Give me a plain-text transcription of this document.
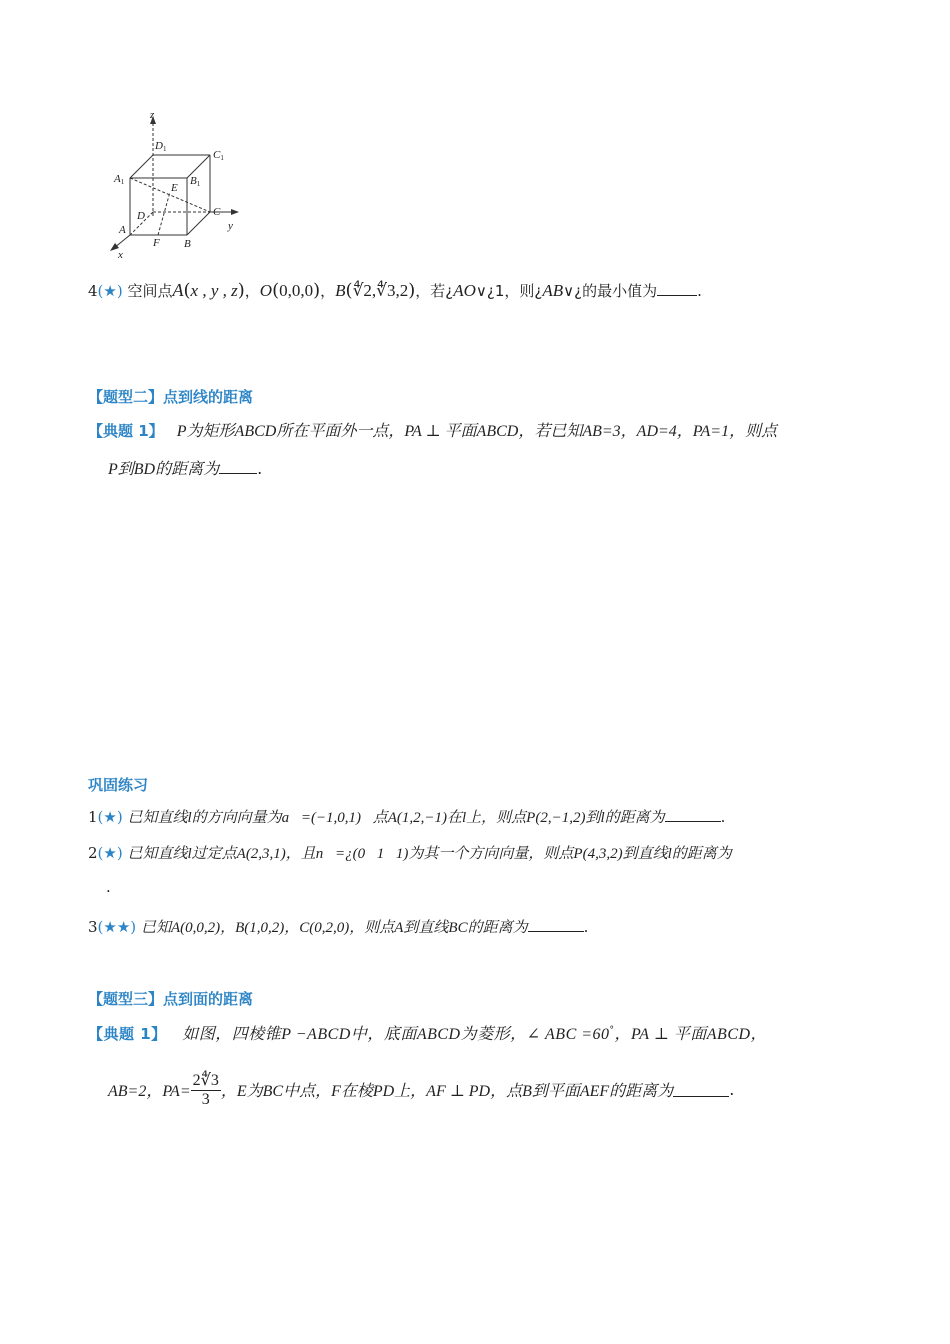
z
D1	C1
A1	B1
E
D	C
A
F B
y
x
4(★) 空间点A(x , y , z)，O(0,0,0)，B(∜2,∜3,2)，若¿AO∨¿1，则¿AB∨¿的最小值为	.
【题型二】点到线的距离
【典题 1】 P为矩形ABCD所在平面外一点，PA ⊥ 平面ABCD，若已知AB=3，AD=4，PA=1，则点
P到BD的距离为 .
巩固练习
1(★) 已知直线l的方向向量为a⃗=(−1,0,1)，点A(1,2,−1)在l上，则点P(2,−1,2)到l的距离为	.
2(★) 已知直线l过定点A(2,3,1)，且n⃗=¿(0，1，1)为其一个方向向量，则点P(4,3,2)到直线l的距离为
.
3(★★) 已知A(0,0,2)，B(1,0,2)，C(0,2,0)，则点A到直线BC的距离为	.
【题型三】点到面的距离
【典题 1】 如图，四棱锥P −ABCD中，底面ABCD为菱形，∠ ABC =60°，PA ⊥ 平面ABCD，
AB=2，$PA= \frac{2∜3}{3}$ ，E为BC中点，F在棱PD上，AF ⊥ PD，点B到平面AEF的距离为	.
